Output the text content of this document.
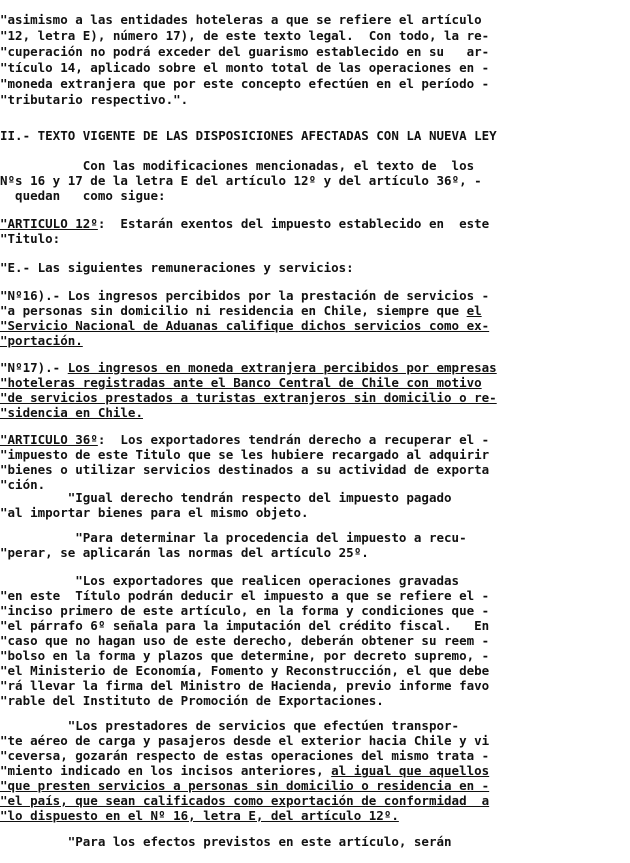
"asimismo a las entidades hoteleras a que se refiere el artículo
"12, letra E), número 17), de este texto legal.  Con todo, la re-
"cuperación no podrá exceder del guarismo establecido en su   ar-
"tículo 14, aplicado sobre el monto total de las operaciones en -
"moneda extranjera que por este concepto efectúen en el período -
"tributario respectivo.".
II.- TEXTO VIGENTE DE LAS DISPOSICIONES AFECTADAS CON LA NUEVA LEY
Con las modificaciones mencionadas, el texto de  los
Nºs 16 y 17 de la letra E del artículo 12º y del artículo 36º, -
quedan   como sigue:
"ARTICULO 12º:  Estarán exentos del impuesto establecido en  este
"Titulo:
"E.- Las siguientes remuneraciones y servicios:
"Nº16).- Los ingresos percibidos por la prestación de servicios -
"a personas sin domicilio ni residencia en Chile, siempre que el
"Servicio Nacional de Aduanas califique dichos servicios como ex-
"portación.
"Nº17).- Los ingresos en moneda extranjera percibidos por empresas
"hoteleras registradas ante el Banco Central de Chile con motivo
"de servicios prestados a turistas extranjeros sin domicilio o re-
"sidencia en Chile.
"ARTICULO 36º:  Los exportadores tendrán derecho a recuperar el -
"impuesto de este Titulo que se les hubiere recargado al adquirir
"bienes o utilizar servicios destinados a su actividad de exporta
"ción.
"Igual derecho tendrán respecto del impuesto pagado
"al importar bienes para el mismo objeto.
"Para determinar la procedencia del impuesto a recu-
"perar, se aplicarán las normas del artículo 25º.
"Los exportadores que realicen operaciones gravadas
"en este  Título podrán deducir el impuesto a que se refiere el -
"inciso primero de este artículo, en la forma y condiciones que -
"el párrafo 6º señala para la imputación del crédito fiscal.   En
"caso que no hagan uso de este derecho, deberán obtener su reem -
"bolso en la forma y plazos que determine, por decreto supremo, -
"el Ministerio de Economía, Fomento y Reconstrucción, el que debe
"rá llevar la firma del Ministro de Hacienda, previo informe favo
"rable del Instituto de Promoción de Exportaciones.
"Los prestadores de servicios que efectúen transpor-
"te aéreo de carga y pasajeros desde el exterior hacia Chile y vi
"ceversa, gozarán respecto de estas operaciones del mismo trata -
"miento indicado en los incisos anteriores, al igual que aquellos
"que presten servicios a personas sin domicilio o residencia en -
"el país, que sean calificados como exportación de conformidad  a
"lo dispuesto en el Nº 16, letra E, del artículo 12º.
"Para los efectos previstos en este artículo, serán
